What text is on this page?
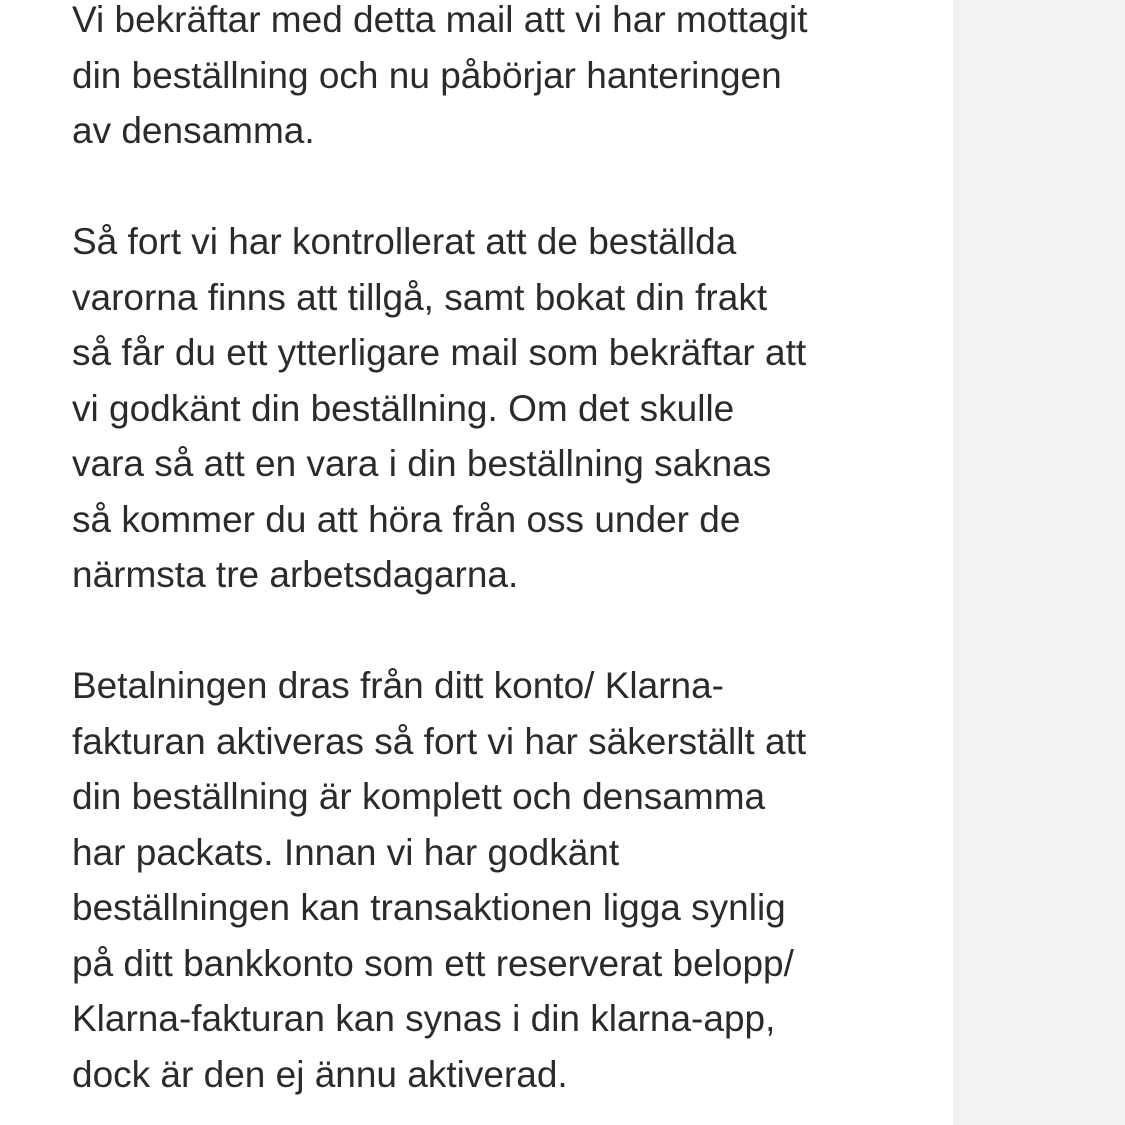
Vi bekräftar med detta mail att vi har mottagit
din beställning och nu påbörjar hanteringen
av densamma.

Så fort vi har kontrollerat att de beställda
varorna finns att tillgå, samt bokat din frakt
så får du ett ytterligare mail som bekräftar att
vi godkänt din beställning. Om det skulle
vara så att en vara i din beställning saknas
så kommer du att höra från oss under de
närmsta tre arbetsdagarna.

Betalningen dras från ditt konto/ Klarna-
fakturan aktiveras så fort vi har säkerställt att
din beställning är komplett och densamma
har packats. Innan vi har godkänt
beställningen kan transaktionen ligga synlig
på ditt bankkonto som ett reserverat belopp/
Klarna-fakturan kan synas i din klarna-app,
dock är den ej ännu aktiverad.
